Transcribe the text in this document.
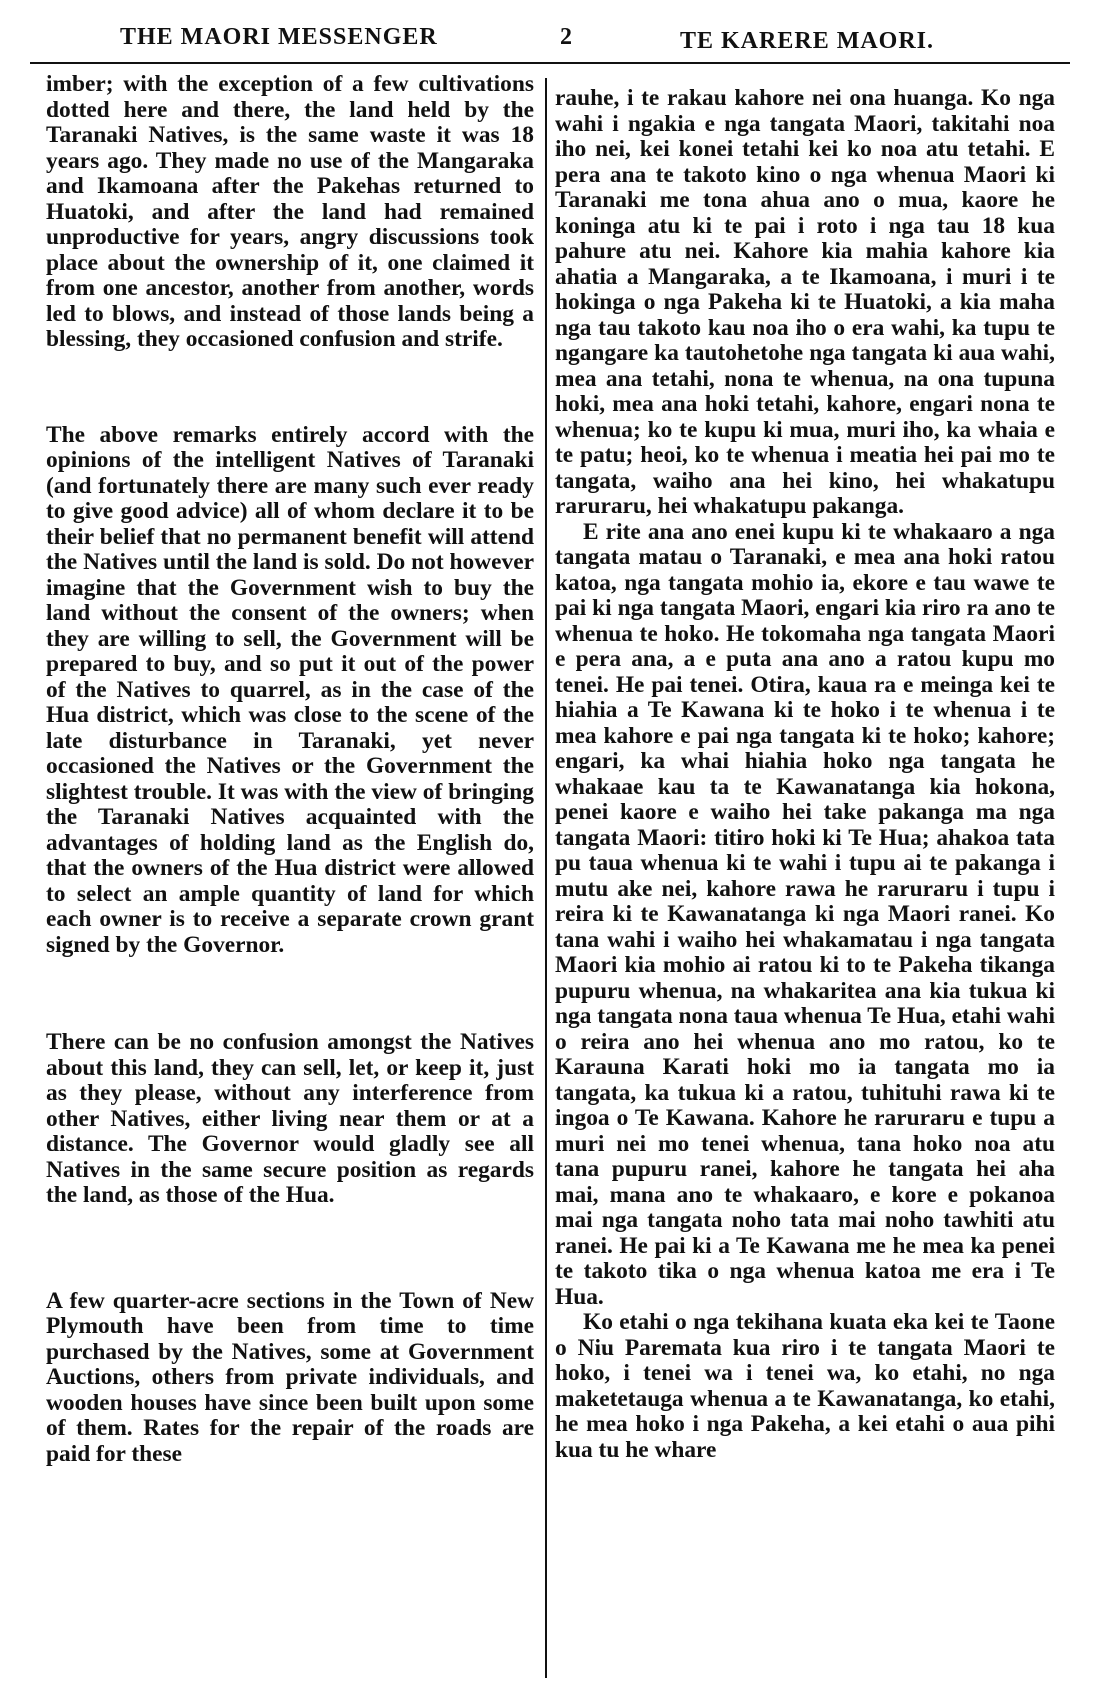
THE MAORI MESSENGER	2	TE KARERE MAORI.

imber; with the exception of a few cultivations dotted here and there, the land held by the Taranaki Natives, is the same waste it was 18 years ago. They made no use of the Mangaraka and Ikamoana after the Pakehas returned to Huatoki, and after the land had remained unproductive for years, angry discussions took place about the ownership of it, one claimed it from one ancestor, another from another, words led to blows, and instead of those lands being a blessing, they occasioned confusion and strife.

The above remarks entirely accord with the opinions of the intelligent Natives of Taranaki (and fortunately there are many such ever ready to give good advice) all of whom declare it to be their belief that no permanent benefit will attend the Natives until the land is sold. Do not however imagine that the Government wish to buy the land without the consent of the owners; when they are willing to sell, the Government will be prepared to buy, and so put it out of the power of the Natives to quarrel, as in the case of the Hua district, which was close to the scene of the late disturbance in Taranaki, yet never occasioned the Natives or the Government the slightest trouble. It was with the view of bringing the Taranaki Natives acquainted with the advantages of holding land as the English do, that the owners of the Hua district were allowed to select an ample quantity of land for which each owner is to receive a separate crown grant signed by the Governor.

There can be no confusion amongst the Natives about this land, they can sell, let, or keep it, just as they please, without any interference from other Natives, either living near them or at a distance. The Governor would gladly see all Natives in the same secure position as regards the land, as those of the Hua.

A few quarter-acre sections in the Town of New Plymouth have been from time to time purchased by the Natives, some at Government Auctions, others from private individuals, and wooden houses have since been built upon some of them. Rates for the repair of the roads are paid for these

rauhe, i te rakau kahore nei ona huanga. Ko nga wahi i ngakia e nga tangata Maori, takitahi noa iho nei, kei konei tetahi kei ko noa atu tetahi. E pera ana te takoto kino o nga whenua Maori ki Taranaki me tona ahua ano o mua, kaore he koninga atu ki te pai i roto i nga tau 18 kua pahure atu nei. Kahore kia mahia kahore kia ahatia a Mangaraka, a te Ikamoana, i muri i te hokinga o nga Pakeha ki te Huatoki, a kia maha nga tau takoto kau noa iho o era wahi, ka tupu te ngangare ka tautohetohe nga tangata ki aua wahi, mea ana tetahi, nona te whenua, na ona tupuna hoki, mea ana hoki tetahi, kahore, engari nona te whenua; ko te kupu ki mua, muri iho, ka whaia e te patu; heoi, ko te whenua i meatia hei pai mo te tangata, waiho ana hei kino, hei whakatupu raruraru, hei whakatupu pakanga.

E rite ana ano enei kupu ki te whakaaro a nga tangata matau o Taranaki, e mea ana hoki ratou katoa, nga tangata mohio ia, ekore e tau wawe te pai ki nga tangata Maori, engari kia riro ra ano te whenua te hoko. He tokomaha nga tangata Maori e pera ana, a e puta ana ano a ratou kupu mo tenei. He pai tenei. Otira, kaua ra e meinga kei te hiahia a Te Kawana ki te hoko i te whenua i te mea kahore e pai nga tangata ki te hoko; kahore; engari, ka whai hiahia hoko nga tangata he whakaae kau ta te Kawanatanga kia hokona, penei kaore e waiho hei take pakanga ma nga tangata Maori: titiro hoki ki Te Hua; ahakoa tata pu taua whenua ki te wahi i tupu ai te pakanga i mutu ake nei, kahore rawa he raruraru i tupu i reira ki te Kawanatanga ki nga Maori ranei. Ko tana wahi i waiho hei whakamatau i nga tangata Maori kia mohio ai ratou ki to te Pakeha tikanga pupuru whenua, na whakaritea ana kia tukua ki nga tangata nona taua whenua Te Hua, etahi wahi o reira ano hei whenua ano mo ratou, ko te Karauna Karati hoki mo ia tangata mo ia tangata, ka tukua ki a ratou, tuhituhi rawa ki te ingoa o Te Kawana. Kahore he raruraru e tupu a muri nei mo tenei whenua, tana hoko noa atu tana pupuru ranei, kahore he tangata hei aha mai, mana ano te whakaaro, e kore e pokanoa mai nga tangata noho tata mai noho tawhiti atu ranei. He pai ki a Te Kawana me he mea ka penei te takoto tika o nga whenua katoa me era i Te Hua.

Ko etahi o nga tekihana kuata eka kei te Taone o Niu Paremata kua riro i te tangata Maori te hoko, i tenei wa i tenei wa, ko etahi, no nga maketetauga whenua a te Kawanatanga, ko etahi, he mea hoko i nga Pakeha, a kei etahi o aua pihi kua tu he whare
